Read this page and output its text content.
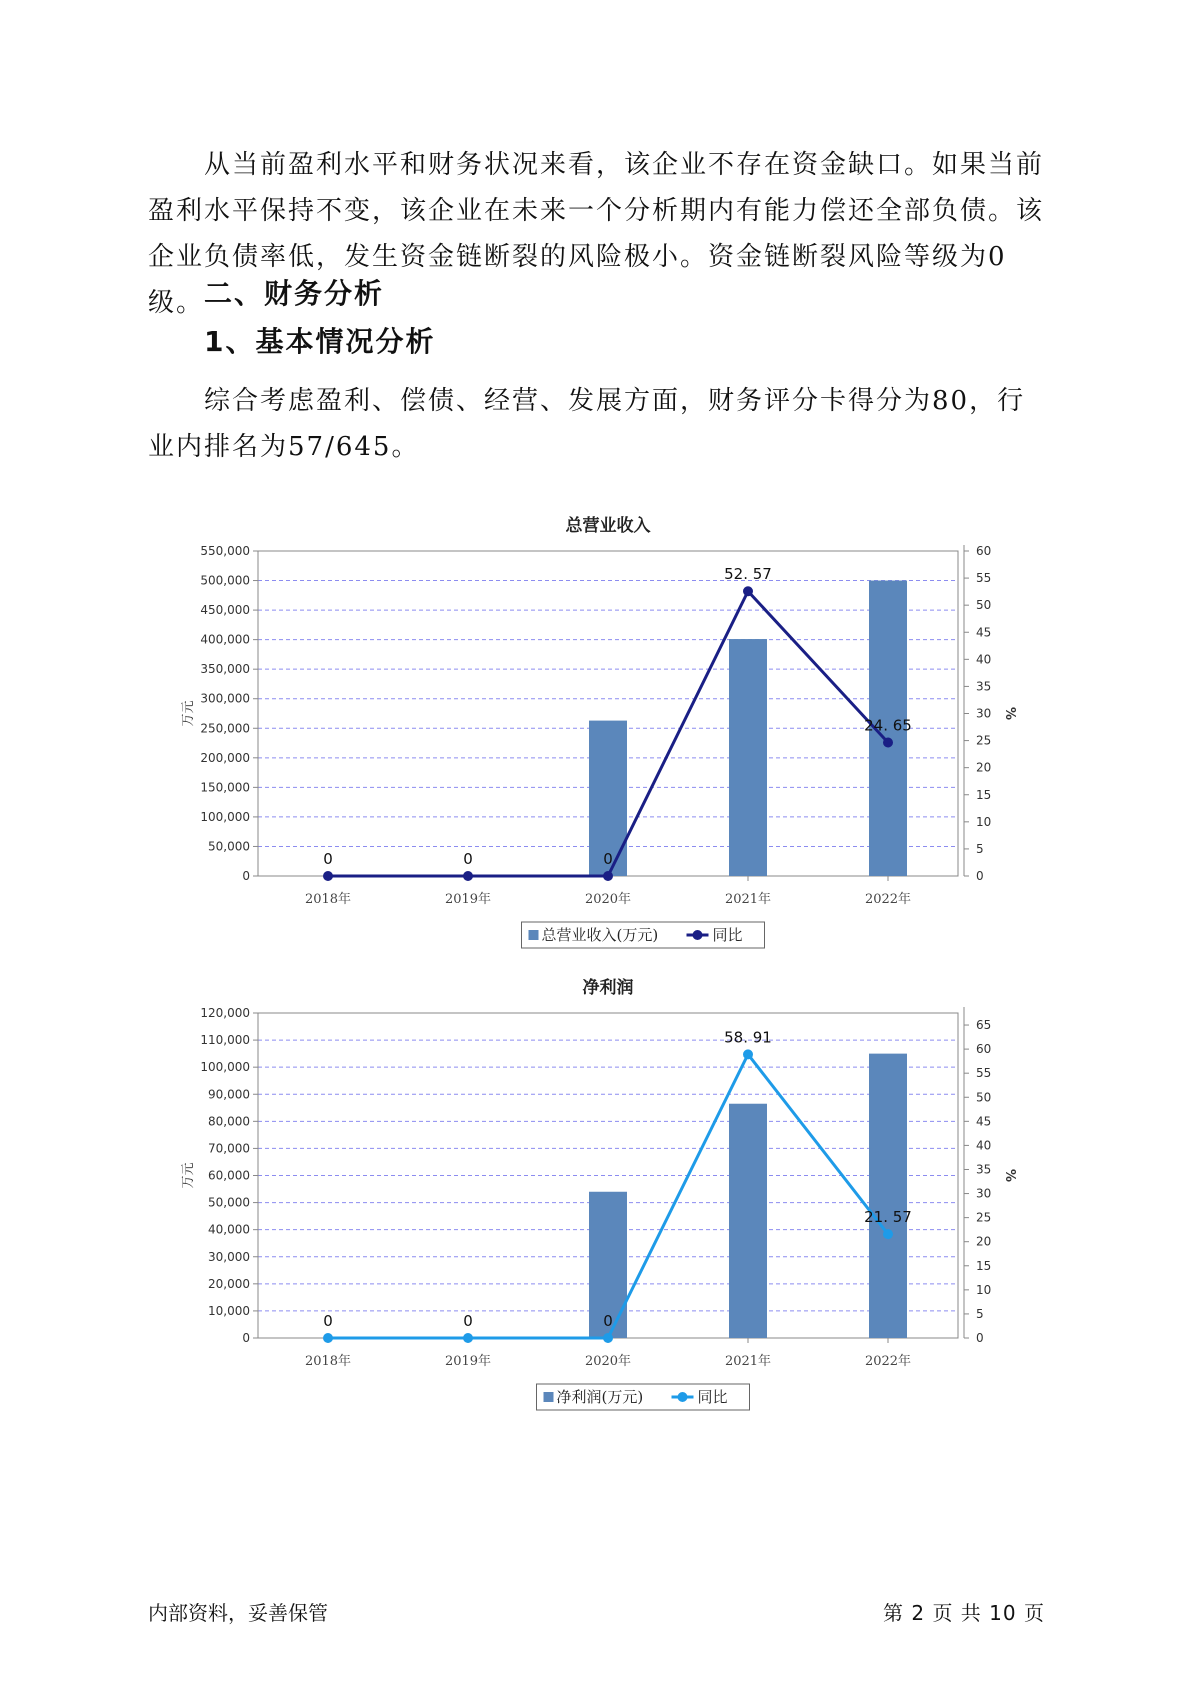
从当前盈利水平和财务状况来看，该企业不存在资金缺口。如果当前盈利水平保持不变，该企业在未来一个分析期内有能力偿还全部负债。该企业负债率低，发生资金链断裂的风险极小。资金链断裂风险等级为0级。 二、财务分析
1、基本情况分析

综合考虑盈利、偿债、经营、发展方面，财务评分卡得分为80，行业内排名为57/645。

总营业收入
0
50,000
100,000
150,000
200,000
250,000
300,000
350,000
400,000
450,000
500,000
550,000
0
5
10
15
20
25
30
35
40
45
50
55
60
万元	%
2018年	2019年	2020年	2021年	2022年
0	0	0
52. 57
24. 65
总营业收入(万元)	同比
净利润
0
10,000
20,000
30,000
40,000
50,000
60,000
70,000
80,000
90,000
100,000
110,000
120,000
0
5
10
15
20
25
30
35
40
45
50
55
60
65
万元	%
2018年	2019年	2020年	2021年	2022年
0	0	0
58. 91
21. 57
净利润(万元)	同比
内部资料，妥善保管	第 2 页 共 10 页
